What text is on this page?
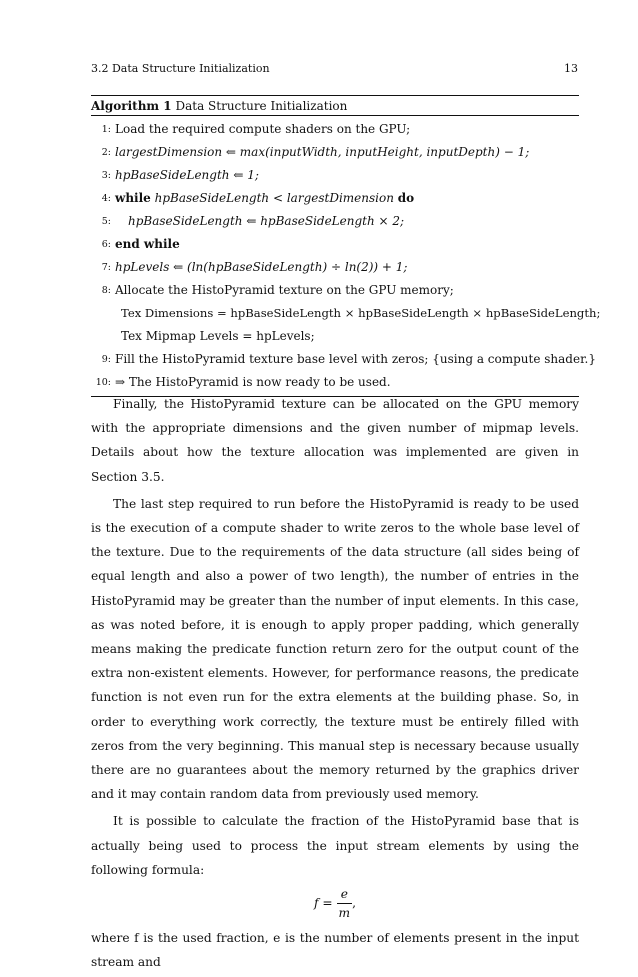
3.2 Data Structure Initialization	13
Algorithm 1 Data Structure Initialization
1: Load the required compute shaders on the GPU;
2: largestDimension ⇐ max(inputWidth, inputHeight, inputDepth) − 1;
3: hpBaseSideLength ⇐ 1;
4: while hpBaseSideLength < largestDimension do
5: hpBaseSideLength ⇐ hpBaseSideLength × 2;
6: end while
7: hpLevels ⇐ (ln(hpBaseSideLength) ÷ ln(2)) + 1;
8: Allocate the HistoPyramid texture on the GPU memory;
Tex Dimensions = hpBaseSideLength × hpBaseSideLength × hpBaseSideLength;
Tex Mipmap Levels = hpLevels;
9: Fill the HistoPyramid texture base level with zeros; {using a compute shader.}
10: ⇒ The HistoPyramid is now ready to be used.

Finally, the HistoPyramid texture can be allocated on the GPU memory with the appropriate dimensions and the given number of mipmap levels. Details about how the texture allocation was implemented are given in Section 3.5.

The last step required to run before the HistoPyramid is ready to be used is the execution of a compute shader to write zeros to the whole base level of the texture. Due to the requirements of the data structure (all sides being of equal length and also a power of two length), the number of entries in the HistoPyramid may be greater than the number of input elements. In this case, as was noted before, it is enough to apply proper padding, which generally means making the predicate function return zero for the output count of the extra non-existent elements. However, for performance reasons, the predicate function is not even run for the extra elements at the building phase. So, in order to everything work correctly, the texture must be entirely filled with zeros from the very beginning. This manual step is necessary because usually there are no guarantees about the memory returned by the graphics driver and it may contain random data from previously used memory.

It is possible to calculate the fraction of the HistoPyramid base that is actually being used to process the input stream elements by using the following formula:

$f = \frac{e}{m}$ ,

where f is the used fraction, e is the number of elements present in the input stream and
